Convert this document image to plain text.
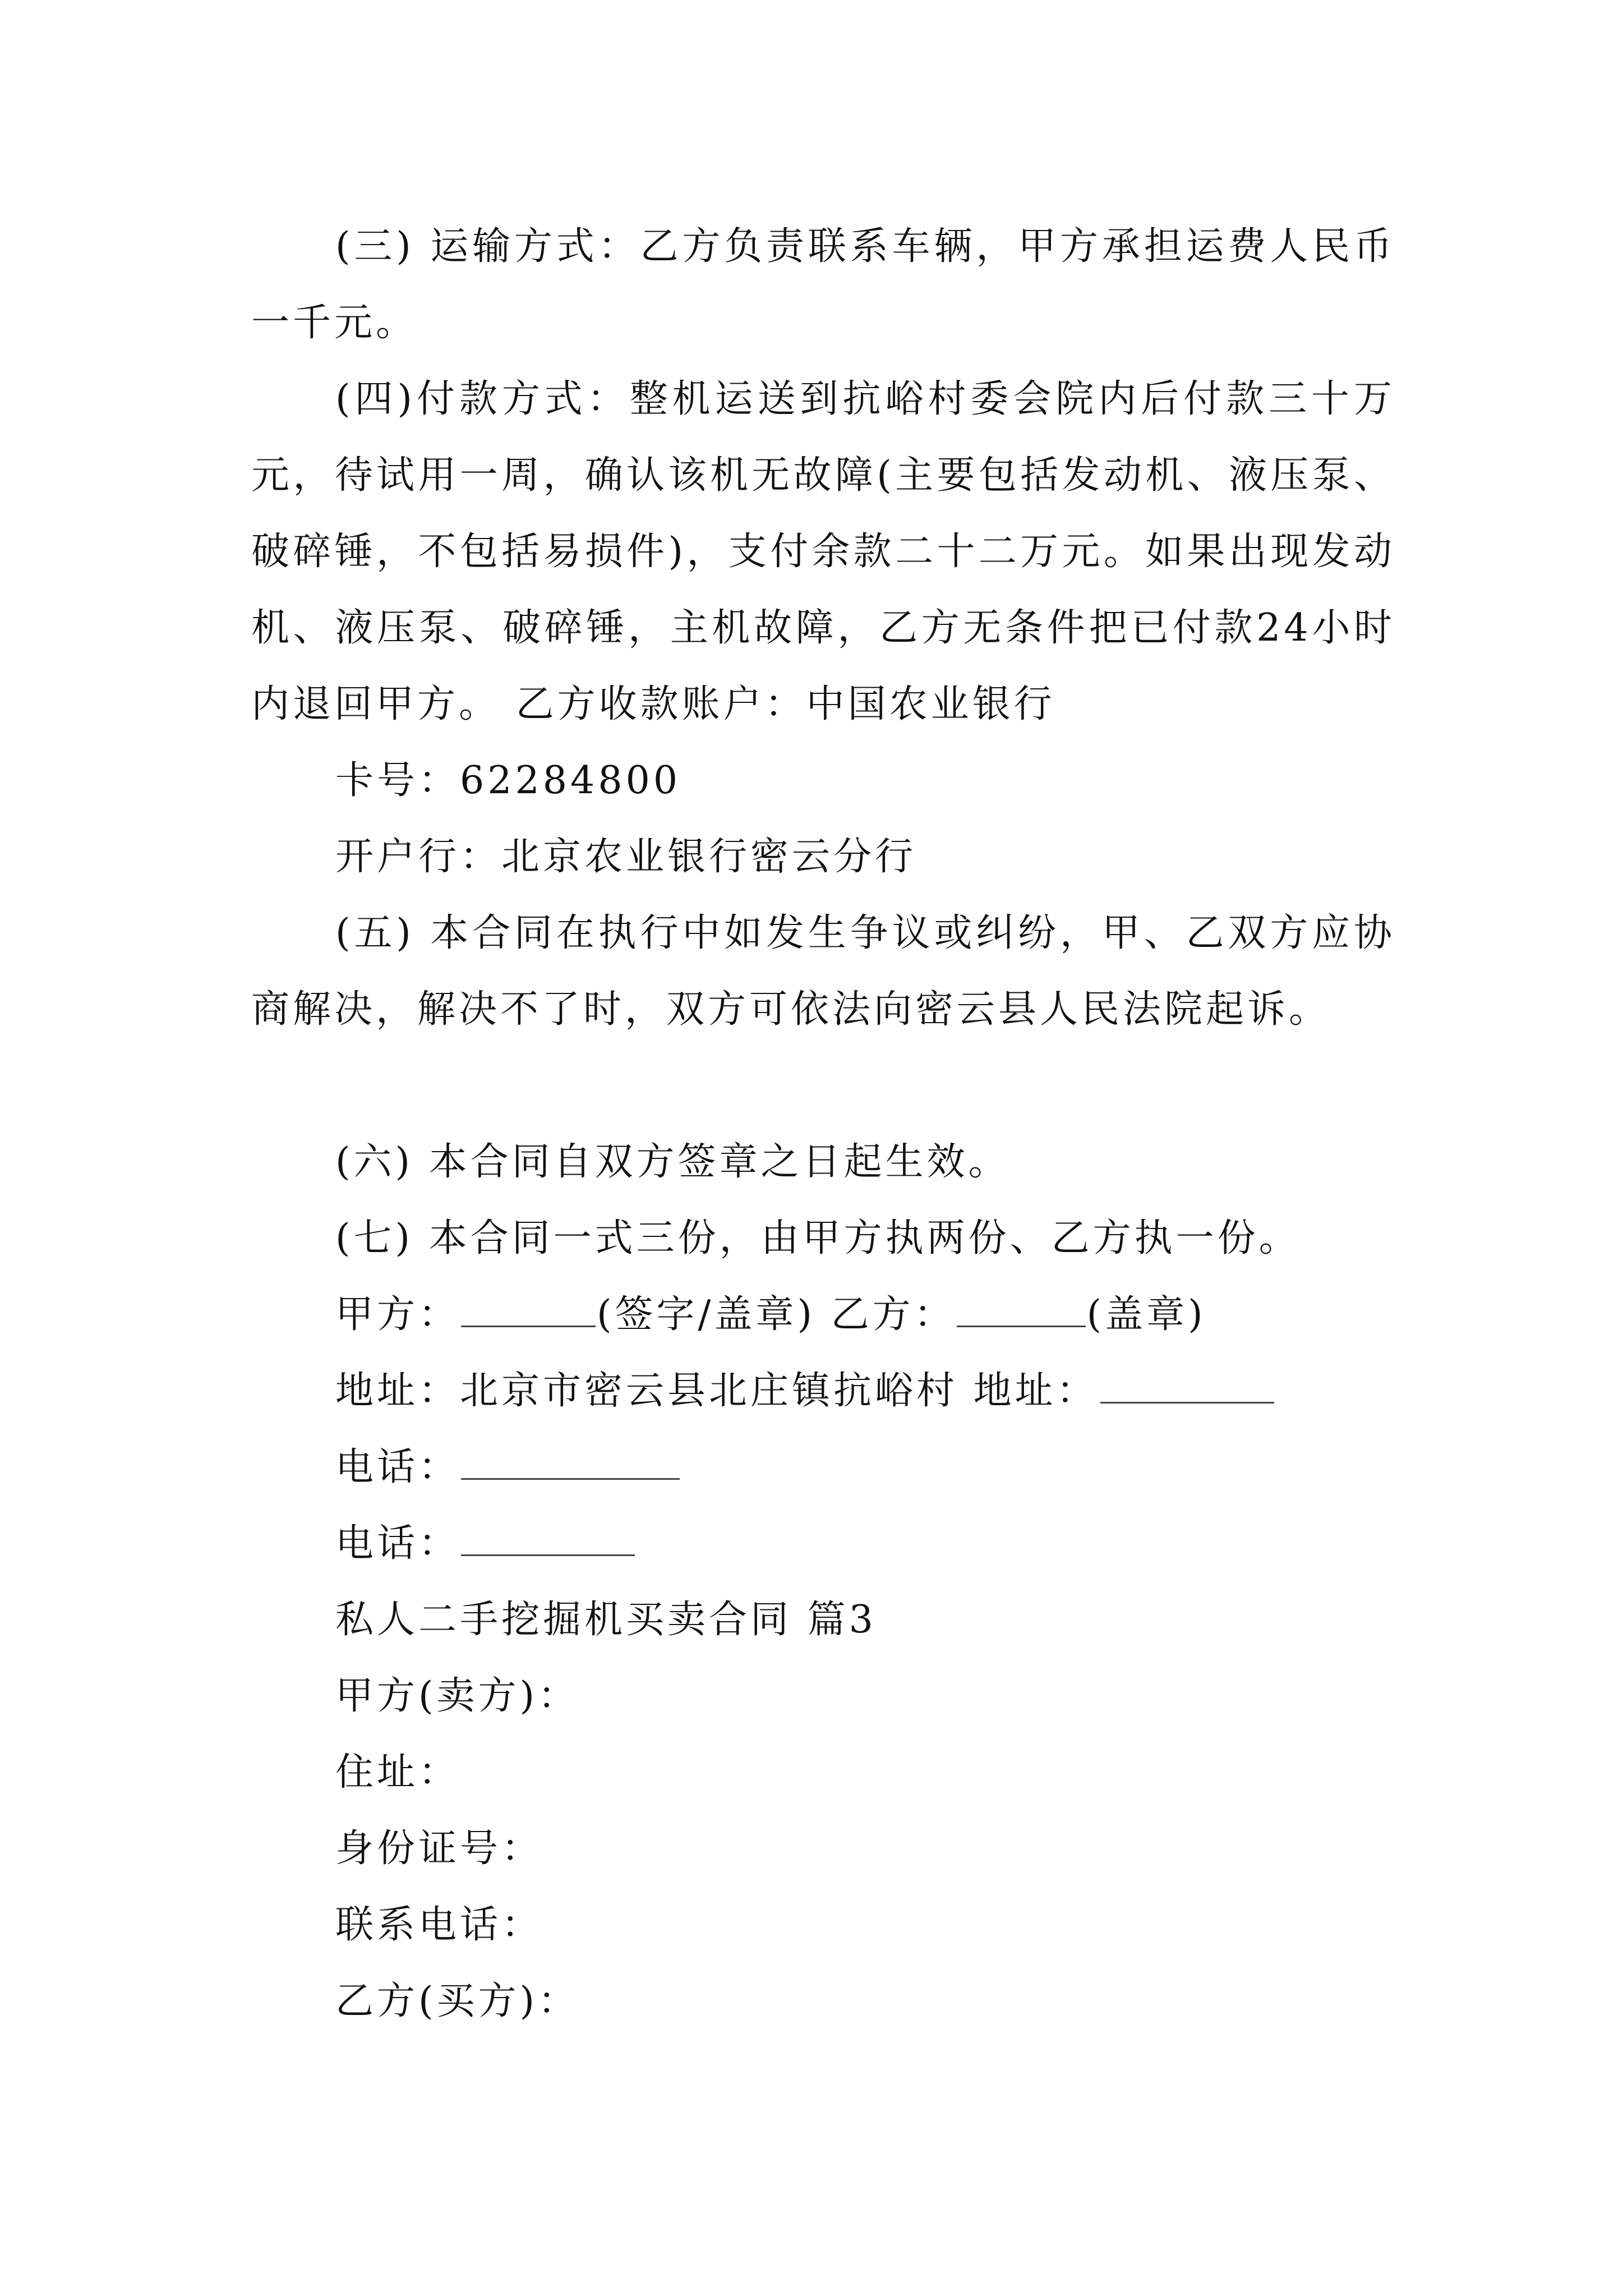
(三) 运输方式：乙方负责联系车辆，甲方承担运费人民币一千元。

(四)付款方式：整机运送到抗峪村委会院内后付款三十万元，待试用一周，确认该机无故障(主要包括发动机、液压泵、破碎锤，不包括易损件)，支付余款二十二万元。如果出现发动机、液压泵、破碎锤，主机故障，乙方无条件把已付款24小时内退回甲方。 乙方收款账户：中国农业银行

卡号：62284800

开户行：北京农业银行密云分行

(五) 本合同在执行中如发生争议或纠纷，甲、乙双方应协商解决，解决不了时，双方可依法向密云县人民法院起诉。

(六) 本合同自双方签章之日起生效。

(七) 本合同一式三份，由甲方执两份、乙方执一份。

甲方：	(签字/盖章) 乙方：	(盖章)

地址：北京市密云县北庄镇抗峪村 地址：

电话：

电话：

私人二手挖掘机买卖合同 篇3

甲方(卖方)：

住址：

身份证号：

联系电话：

乙方(买方)：
